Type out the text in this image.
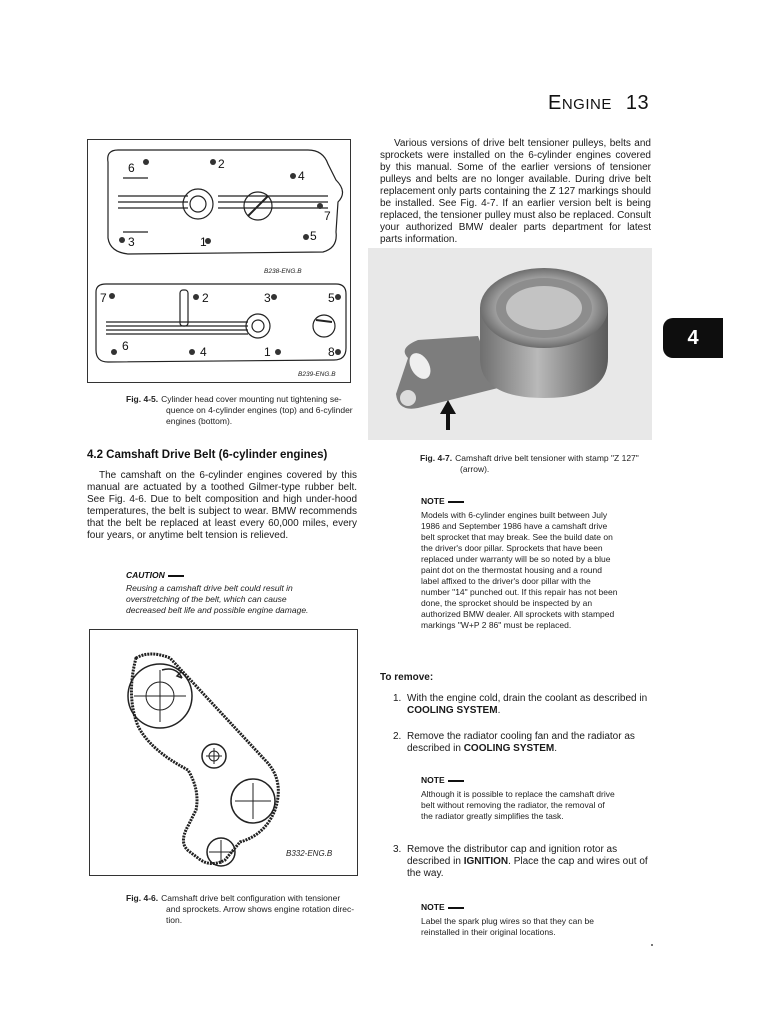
ENGINE 13
4
6	2
4
7
3	1	5
B238-ENG.B
7	2	3	5
6	4	1	8
B239-ENG.B
Fig. 4-5. Cylinder head cover mounting nut tightening se-
quence on 4-cylinder engines (top) and 6-cylinder
engines (bottom).
4.2 Camshaft Drive Belt (6-cylinder engines)
The camshaft on the 6-cylinder engines covered by this manual are actuated by a toothed Gilmer-type rubber belt. See Fig. 4-6. Due to belt composition and high under-hood temperatures, the belt is subject to wear. BMW recommends that the belt be replaced at least every 60,000 miles, every four years, or anytime belt tension is relieved.
CAUTION
Reusing a camshaft drive belt could result in overstretching of the belt, which can cause decreased belt life and possible engine damage.
B332-ENG.B
Fig. 4-6. Camshaft drive belt configuration with tensioner
and sprockets. Arrow shows engine rotation direc-
tion.
Various versions of drive belt tensioner pulleys, belts and sprockets were installed on the 6-cylinder engines covered by this manual. Some of the earlier versions of tensioner pulleys and belts are no longer available. During drive belt replacement only parts containing the Z 127 markings should be installed. See Fig. 4-7. If an earlier version belt is being replaced, the tensioner pulley must also be replaced. Consult your authorized BMW dealer parts department for latest parts information.
Fig. 4-7. Camshaft drive belt tensioner with stamp "Z 127"
(arrow).
NOTE
Models with 6-cylinder engines built between July 1986 and September 1986 have a camshaft drive belt sprocket that may break. See the build date on the driver's door pillar. Sprockets that have been replaced under warranty will be so noted by a blue paint dot on the thermostat housing and a round label affixed to the driver's door pillar with the number "14" punched out. If this repair has not been done, the sprocket should be inspected by an authorized BMW dealer. All sprockets with stamped markings "W+P 2 86" must be replaced.
To remove:
1. With the engine cold, drain the coolant as described in COOLING SYSTEM.
2. Remove the radiator cooling fan and the radiator as described in COOLING SYSTEM.
NOTE
Although it is possible to replace the camshaft drive belt without removing the radiator, the removal of the radiator greatly simplifies the task.
3. Remove the distributor cap and ignition rotor as described in IGNITION. Place the cap and wires out of the way.
NOTE
Label the spark plug wires so that they can be reinstalled in their original locations.
